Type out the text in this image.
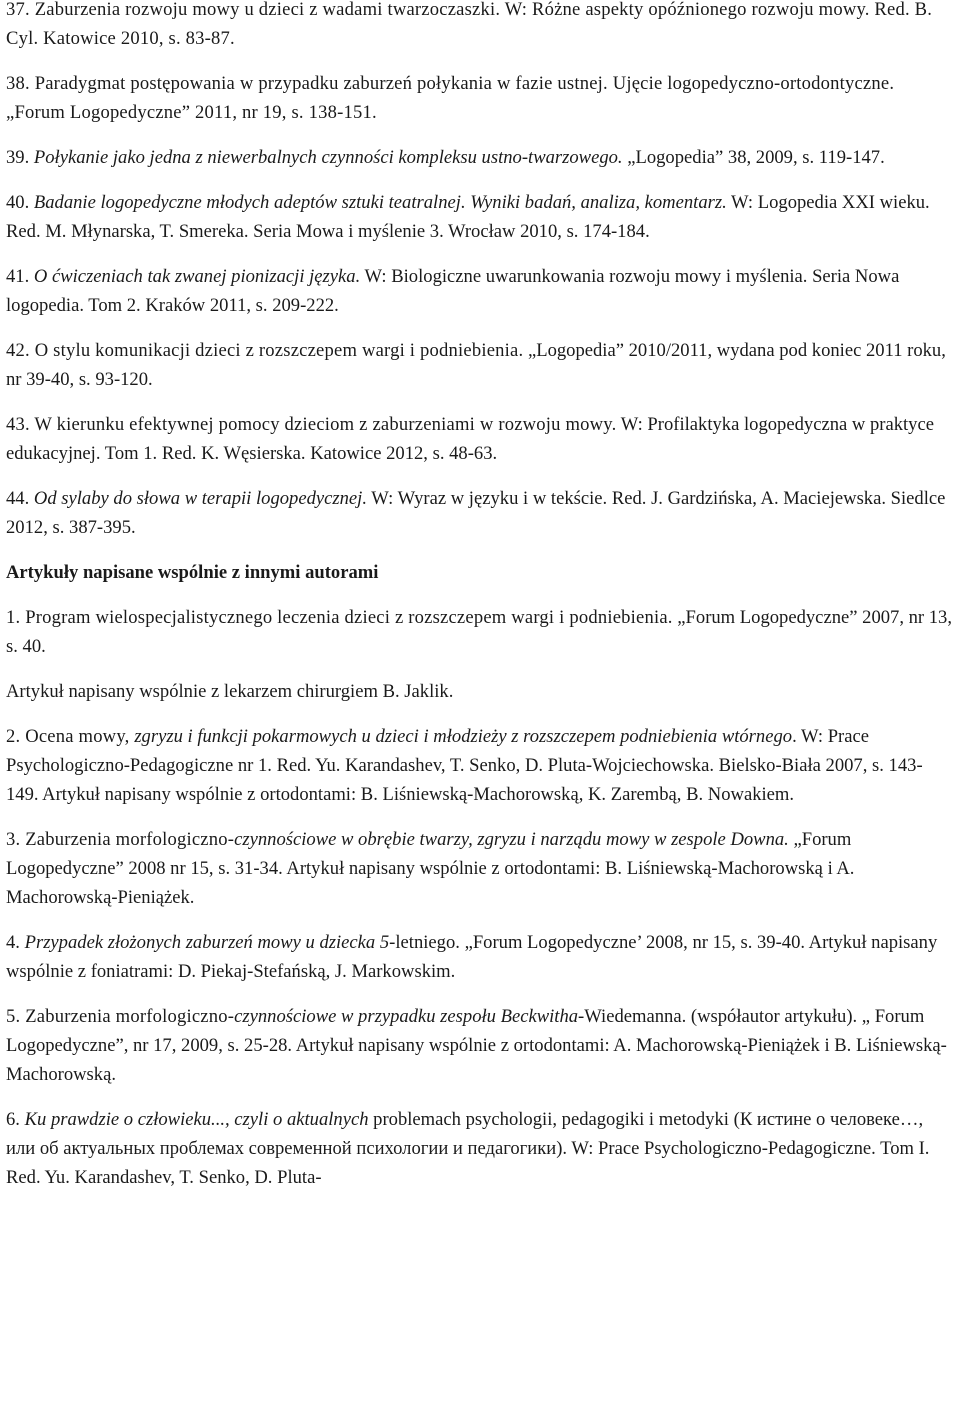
37. Zaburzenia rozwoju mowy u dzieci z wadami twarzoczaszki. W: Różne aspekty opóźnionego rozwoju mowy. Red. B. Cyl. Katowice 2010, s. 83-87.

38. Paradygmat postępowania w przypadku zaburzeń połykania w fazie ustnej. Ujęcie logopedyczno-ortodontyczne. „Forum Logopedyczne” 2011, nr 19, s. 138-151.

39. Połykanie jako jedna z niewerbalnych czynności kompleksu ustno-twarzowego. „Logopedia” 38, 2009, s. 119-147.

40. Badanie logopedyczne młodych adeptów sztuki teatralnej. Wyniki badań, analiza, komentarz. W: Logopedia XXI wieku. Red. M. Młynarska, T. Smereka. Seria Mowa i myślenie 3. Wrocław 2010, s. 174-184.

41. O ćwiczeniach tak zwanej pionizacji języka. W: Biologiczne uwarunkowania rozwoju mowy i myślenia. Seria Nowa logopedia. Tom 2. Kraków 2011, s. 209-222.

42. O stylu komunikacji dzieci z rozszczepem wargi i podniebienia. „Logopedia” 2010/2011, wydana pod koniec 2011 roku, nr 39-40, s. 93-120.

43. W kierunku efektywnej pomocy dzieciom z zaburzeniami w rozwoju mowy. W: Profilaktyka logopedyczna w praktyce edukacyjnej. Tom 1. Red. K. Węsierska. Katowice 2012, s. 48-63.

44. Od sylaby do słowa w terapii logopedycznej. W: Wyraz w języku i w tekście. Red. J. Gardzińska, A. Maciejewska. Siedlce 2012, s. 387-395.

Artykuły napisane wspólnie z innymi autorami

1. Program wielospecjalistycznego leczenia dzieci z rozszczepem wargi i podniebienia. „Forum Logopedyczne” 2007, nr 13, s. 40.

Artykuł napisany wspólnie z lekarzem chirurgiem B. Jaklik.

2. Ocena mowy, zgryzu i funkcji pokarmowych u dzieci i młodzieży z rozszczepem podniebienia wtórnego. W: Prace Psychologiczno-Pedagogiczne nr 1. Red. Yu. Karandashev, T. Senko, D. Pluta-Wojciechowska. Bielsko-Biała 2007, s. 143-149. Artykuł napisany wspólnie z ortodontami: B. Liśniewską-Machorowską, K. Zarembą, B. Nowakiem.

3. Zaburzenia morfologiczno-czynnościowe w obrębie twarzy, zgryzu i narządu mowy w zespole Downa. „Forum Logopedyczne” 2008 nr 15, s. 31-34. Artykuł napisany wspólnie z ortodontami: B. Liśniewską-Machorowską i A. Machorowską-Pieniążek.

4. Przypadek złożonych zaburzeń mowy u dziecka 5-letniego. „Forum Logopedyczne’ 2008, nr 15, s. 39-40. Artykuł napisany wspólnie z foniatrami: D. Piekaj-Stefańską, J. Markowskim.

5. Zaburzenia morfologiczno-czynnościowe w przypadku zespołu Beckwitha-Wiedemanna. (współautor artykułu). „ Forum Logopedyczne”, nr 17, 2009, s. 25-28. Artykuł napisany wspólnie z ortodontami: A. Machorowską-Pieniążek i B. Liśniewską-Machorowską.

6. Ku prawdzie o człowieku..., czyli o aktualnych problemach psychologii, pedagogiki i metodyki (К истине о человеке…, или об актуальных проблемах современной психологии и педагогики). W: Prace Psychologiczno-Pedagogiczne. Tom I. Red. Yu. Karandashev, T. Senko, D. Pluta-
